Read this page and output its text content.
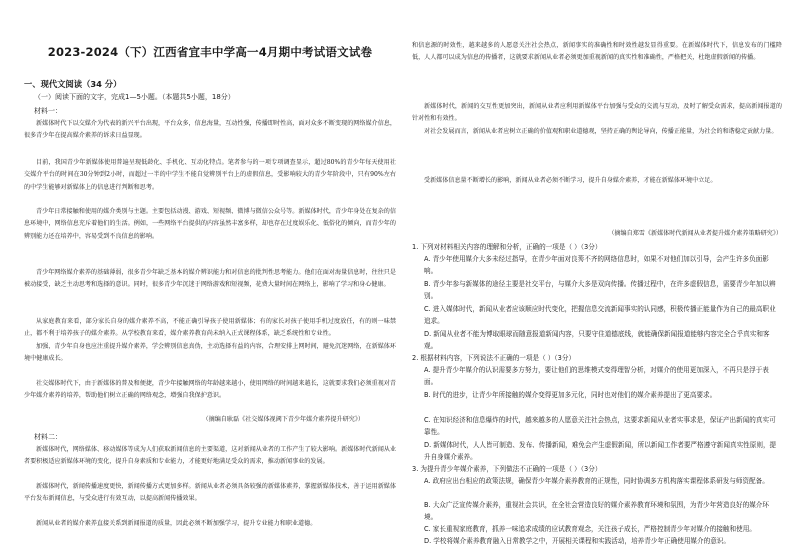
2023-2024（下）江西省宜丰中学高一4月期中考试语文试卷
一、现代文阅读（34 分）
（一）阅读下面的文字，完成1—5小题。（本题共5小题，18分）
材料一：

新媒体时代下以交媒介为代表的新兴平台出现，平台众多，信息海量，互动性强，传播即时性高，面对众多不断变现的网络媒介信息，很多青少年在提高媒介素养的诉求日益显现。

目前，我国青少年新媒体使用普遍呈现低龄化、手机化、互动化特点。笔者参与的一项专项调查显示，超过80%的青少年每天使用社交媒介平台的时间在30分钟到2小时，而超过一半的中学生不能自觉辨别平台上的虚假信息，受影响较大的青少年阶段中，只有90%左右的中学生能够对新媒体上的信息进行判断和思考。

青少年日常接触和使用的媒介类别与主题。主要包括动漫、游戏、短视频、微博与微信公众号等。新媒体时代，青少年身处在复杂的信息环境中，网络信息充斥着他们的生活。例如，一些网络平台提供的内容虽然丰富多样，却也存在过度娱乐化、低俗化的倾向，而青少年的辨别能力还在培养中，容易受到不良信息的影响。

青少年网络媒介素养的基础薄弱，很多青少年缺乏基本的媒介辨识能力和对信息的批判性思考能力。他们在面对海量信息时，往往只是被动接受，缺乏主动思考和选择的意识。同时，很多青少年沉迷于网络游戏和短视频，花费大量时间在网络上，影响了学习和身心健康。

从家庭教育来看，部分家长自身的媒介素养不高，不能正确引导孩子使用新媒体；有的家长对孩子使用手机过度放任，有的则一味禁止，都不利于培养孩子的媒介素养。从学校教育来看，媒介素养教育尚未纳入正式课程体系，缺乏系统性和专业性。

加强，青少年自身也应注重提升媒介素养，学会辨别信息真伪，主动选择有益的内容，合理安排上网时间，避免沉迷网络，在新媒体环境中健康成长。

社交媒体时代下，由于新媒体的普及和便捷，青少年接触网络的年龄越来越小，使用网络的时间越来越长，这就要求我们必须重视对青少年媒介素养的培养，帮助他们树立正确的网络观念，增强自我保护意识。

（摘编自耿磊《社交媒体视阈下青少年媒介素养提升研究》）

材料二：

新媒体时代，网络媒体、移动媒体等成为人们获取新闻信息的主要渠道，这对新闻从业者的工作产生了较大影响。新媒体时代新闻从业者要积极适应新媒体环境的变化，提升自身素质和专业能力，才能更好地满足受众的需求，推动新闻事业的发展。

新媒体时代，新闻传播速度更快，新闻传播方式更加多样。新闻从业者必须具备较强的新媒体素养，掌握新媒体技术，善于运用新媒体平台发布新闻信息，与受众进行有效互动，以提高新闻传播效果。

新闻从业者的媒介素养直接关系到新闻报道的质量，因此必须不断加强学习，提升专业能力和职业道德。

和信息源的时效性，越来越多的人愿意关注社会热点，新闻事实的准确性和时效性越发显得重要。在新媒体时代下，信息发布的门槛降低，人人都可以成为信息的传播者，这就要求新闻从业者必须更加重视新闻的真实性和准确性，严格把关，杜绝虚假新闻的传播。

新媒体时代，新闻的交互性更加突出，新闻从业者应利用新媒体平台加强与受众的交流与互动，及时了解受众需求，提高新闻报道的针对性和有效性。

对社会发展而言，新闻从业者应树立正确的价值观和职业道德观，坚持正确的舆论导向，传播正能量，为社会的和谐稳定贡献力量。

受新媒体信息量不断增长的影响，新闻从业者必须不断学习，提升自身媒介素养，才能在新媒体环境中立足。

（摘编自郑雪《新媒体时代新闻从业者提升媒介素养策略研究》）

1. 下列对材料相关内容的理解和分析，正确的一项是（ ）（3分）

A. 青少年使用媒介大多未经过指导，在青少年面对良莠不齐的网络信息时，如果不对他们加以引导，会产生许多负面影响。

B. 青少年参与新媒体的途径主要是社交平台，与媒介大多是双向传播。传播过程中，在许多虚假信息，需要青少年加以辨别。

C. 进入媒体时代，新闻从业者应该顺应时代变化，把握信息交流新闻事实的认同感，积极传播正能量作为自己的最高职业追求。

D. 新闻从业者不能为博取眼球而随意报道新闻内容，只要守住道德底线，就能确保新闻报道能够内容完全合乎真实和客观。

2. 根据材料内容，下列说法不正确的一项是（ ）（3分）

A. 提升青少年媒介的认识需要多方努力，要让他们的思维模式变得理智分析，对媒介的使用更加深入，不再只是浮于表面。

B. 时代的进步，让青少年所接触的媒介变得更加多元化，同时也对他们的媒介素养提出了更高要求。

C. 在知识经济和信息爆炸的时代，越来越多的人愿意关注社会热点，这要求新闻从业者实事求是，保证产出新闻的真实可靠性。

D. 新媒体时代，人人皆可制造、发布、传播新闻，难免会产生虚假新闻，所以新闻工作者要严格遵守新闻真实性原则，提升自身媒介素养。

3. 为提升青少年媒介素养，下列做法不正确的一项是（ ）（3分）

A. 政府应出台相应的政策法规，确保青少年媒介素养教育的正规性，同时协调多方机构落实课程体系研发与师资配备。

B. 大众广泛宣传媒介素养，重视社会共识，在全社会营造良好的媒介素养教育环境和氛围，为青少年营造良好的媒介环境。

C. 家长重视家庭教育，抓养一味追求成绩的应试教育观念，关注孩子成长，严格控制青少年对媒介的接触和使用。

D. 学校将媒介素养教育融入日常教学之中，开展相关课程和实践活动，培养青少年正确使用媒介的意识。
